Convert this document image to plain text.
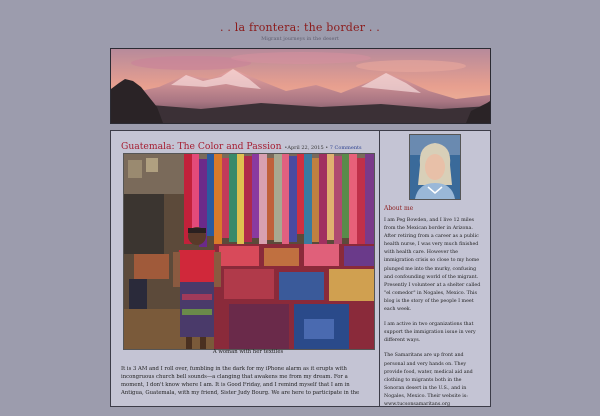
. . la frontera: the border . .
Migrant journeys in the desert
Guatemala: The Color and Passion •April 22, 2015 • 7 Comments
A woman with her textiles
It is 3 AM and I roll over, fumbling in the dark for my iPhone alarm as it erupts with incongruous church bell sounds—a clanging that awakens me from my dream. For a moment, I don't know where I am. It is Good Friday, and I remind myself that I am in Antigua, Guatemala, with my friend, Sister Judy Bourg. We are here to participate in the
About me

I am Peg Bowden, and I live 12 miles from the Mexican border in Arizona. After retiring from a career as a public health nurse, I was very much finished with health care. However the immigration crisis so close to my home plunged me into the murky, confusing and confounding world of the migrant. Presently I volunteer at a shelter called "el comedor" in Nogales, Mexico. This blog is the story of the people I meet each week.

I am active in two organizations that support the immigration issue in very different ways.

The Samaritans are up front and personal and very hands on. They provide food, water, medical aid and clothing to migrants both in the Sonoran desert in the U.S., and in Nogales, Mexico. Their website is: www.tucsonsamaritans.org
